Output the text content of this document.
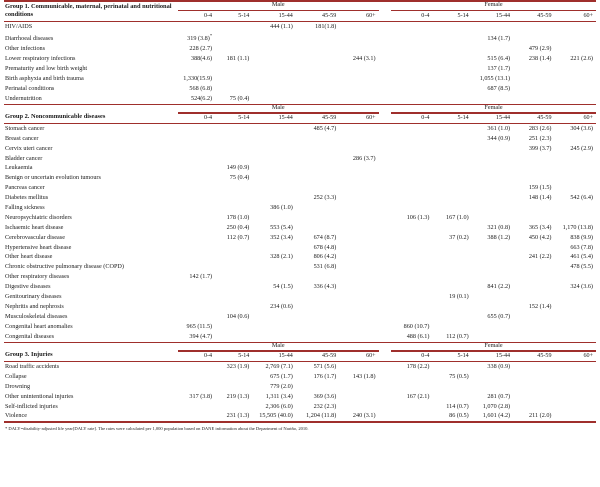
Group 1. Communicable, maternal, perinatal and nutritional conditions	Male						Female				

	0-4	5-14	15-44	45-59	60+		0-4	5-14	15-44	45-59	60+

HIV/AIDS			444 (1.1)	181(1.8)							
Diarrhoeal diseases	319 (3.8)*								134 (1.7)		
Other infections	228 (2.7)									479 (2.9)	
Lower respiratory infections	388(4.6)	181 (1.1)			244 (3.1)				515 (6.4)	238 (1.4)	221 (2.6)
Prematurity and low birth weight									137 (1.7)		
Birth asphyxia and birth trauma	1,330(15.9)								1,055 (13.1)		
Perinatal conditions	568 (6.8)								687 (8.5)		
Undernutrition	524(6.2)	75 (0.4)									

Group 2. Noncommunicable diseases	Male						Female				

	0-4	5-14	15-44	45-59	60+		0-4	5-14	15-44	45-59	60+

Stomach cancer				485 (4.7)					361 (1.0)	283 (2.6)	304 (3.6)
Breast cancer									344 (0.9)	251 (2.3)	
Cervix uteri cancer										399 (3.7)	245 (2.9)
Bladder cancer					286 (3.7)						
Leukaemia		149 (0.9)									
Benign or uncertain evolution tumours		75 (0.4)									
Pancreas cancer										159 (1.5)	
Diabetes mellitus				252 (3.3)						148 (1.4)	542 (6.4)
Falling sickness			386 (1.0)								
Neuropsychiatric disorders		178 (1.0)					106 (1.3)	167 (1.0)			
Ischaemic heart disease		250 (0.4)	553 (5.4)						321 (0.8)	365 (3.4)	1,170 (13.8)
Cerebrovascular disease		112 (0.7)	352 (3.4)	674 (8.7)				37 (0.2)	388 (1.2)	450 (4.2)	838 (9.9)
Hypertensive heart disease				678 (4.8)							663 (7.8)
Other heart disease			328 (2.1)	806 (4.2)						241 (2.2)	461 (5.4)
Chronic obstructive pulmonary disease (COPD)				531 (6.8)							478 (5.5)
Other respiratory diseases	142 (1.7)										
Digestive diseases			54 (1.5)	336 (4.3)					841 (2.2)		324 (3.6)
Genitourinary diseases								19 (0.1)			
Nephritis and nephrosis			234 (0.6)							152 (1.4)	
Musculoskeletal diseases		104 (0.6)							655 (0.7)		
Congenital heart anomalies	965 (11.5)						860 (10.7)				
Congenital diseases	394 (4.7)						488 (6.1)	112 (0.7)			

Group 3. Injuries	Male						Female				

	0-4	5-14	15-44	45-59	60+		0-4	5-14	15-44	45-59	60+

Road traffic accidents		323 (1.9)	2,769 (7.1)	571 (5.6)			178 (2.2)		338 (0.9)		
Collapse			675 (1.7)	176 (1.7)	143 (1.8)			75 (0.5)			
Drowning			779 (2.0)								
Other unintentional injuries	317 (3.8)	219 (1.3)	1,311 (3.4)	369 (3.6)			167 (2.1)		281 (0.7)		
Self-inflicted injuries			2,306 (6.0)	232 (2.3)				114 (0.7)	1,070 (2.8)		
Violence		231 (1.3)	15,505 (40.0)	1,204 (11.8)	240 (3.1)			86 (0.5)	1,601 (4.2)	211 (2.0)	

* DALY=disability-adjusted life year[DALY rate]. The rates were calculated per 1,000 population based on DANE information about the Department of Nariño, 2010.
